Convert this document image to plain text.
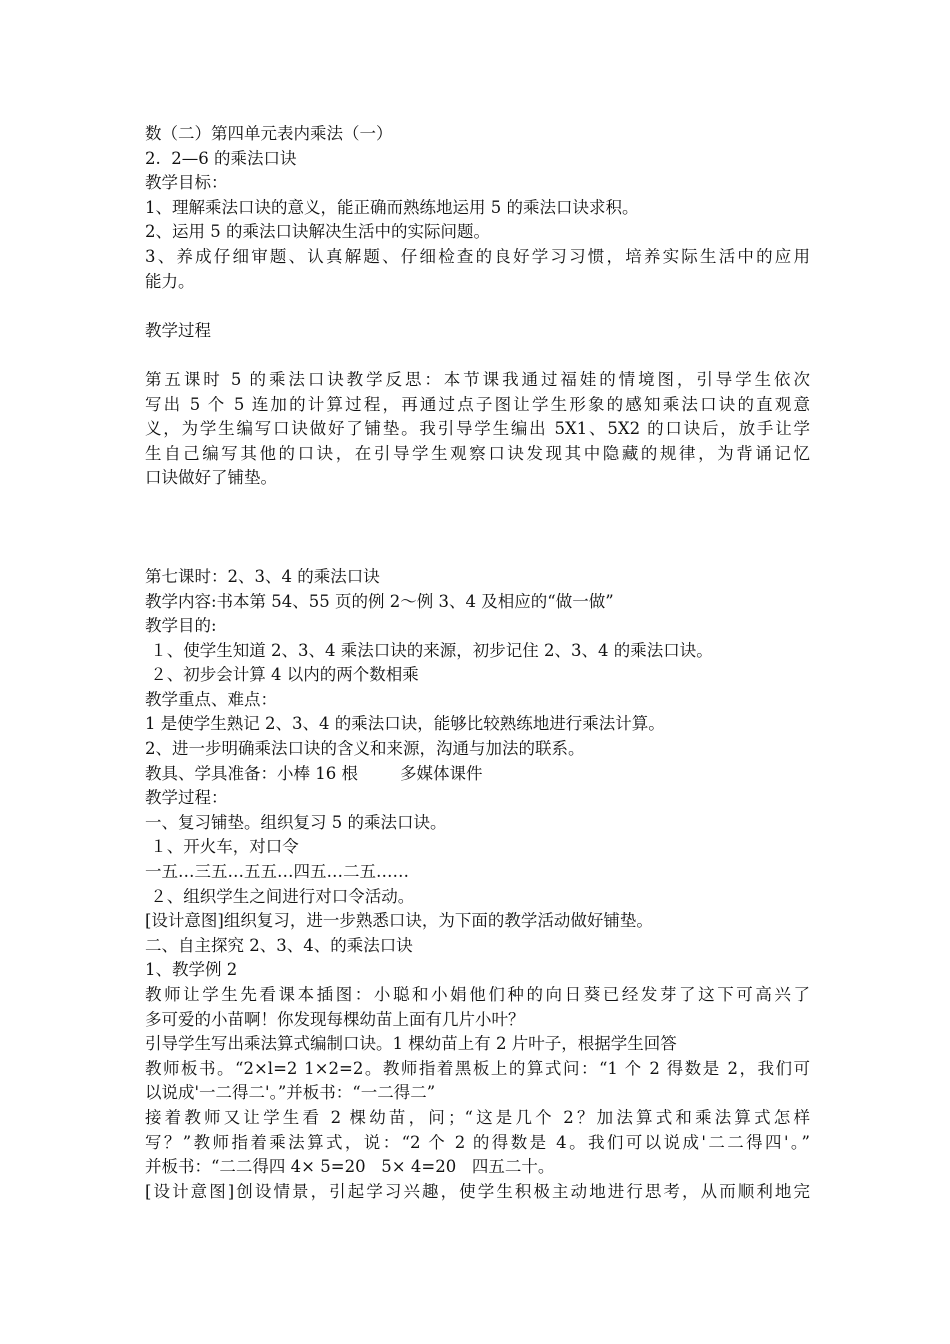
数（二）第四单元表内乘法（一）
2.  2—6 的乘法口诀
教学目标：
1、理解乘法口诀的意义，能正确而熟练地运用 5 的乘法口诀求积。
2、运用 5 的乘法口诀解决生活中的实际问题。
3、养成仔细审题、认真解题、仔细检查的良好学习习惯，培养实际生活中的应用
能力。
教学过程
第五课时 5 的乘法口诀教学反思：本节课我通过福娃的情境图，引导学生依次
写出 5 个 5 连加的计算过程，再通过点子图让学生形象的感知乘法口诀的直观意
义，为学生编写口诀做好了铺垫。我引导学生编出 5X1、5X2 的口诀后，放手让学
生自己编写其他的口诀，在引导学生观察口诀发现其中隐藏的规律，为背诵记忆
口诀做好了铺垫。
第七课时：2、3、4 的乘法口诀
教学内容:书本第 54、55 页的例 2～例 3、4 及相应的“做一做”
教学目的:
１、使学生知道 2、3、4 乘法口诀的来源，初步记住 2、3、4 的乘法口诀。
２、初步会计算 4 以内的两个数相乘
教学重点、难点：
1 是使学生熟记 2、3、4 的乘法口诀，能够比较熟练地进行乘法计算。
2、进一步明确乘法口诀的含义和来源，沟通与加法的联系。
教具、学具准备：小棒 16 根        多媒体课件
教学过程：
一、复习铺垫。组织复习 5 的乘法口诀。
１、开火车，对口令
一五…三五…五五…四五…二五……
２、组织学生之间进行对口令活动。
[设计意图]组织复习，进一步熟悉口诀，为下面的教学活动做好铺垫。
二、自主探究 2、3、4、的乘法口诀
1、教学例 2
教师让学生先看课本插图：小聪和小娟他们种的向日葵已经发芽了这下可高兴了
多可爱的小苗啊！你发现每棵幼苗上面有几片小叶？
引导学生写出乘法算式编制口诀。1 棵幼苗上有 2 片叶子，根据学生回答
教师板书。“2×l=2 1×2=2。教师指着黑板上的算式问：“1 个 2 得数是 2，我们可
以说成'一二得二'。”并板书：“一二得二”
接着教师又让学生看 2 棵幼苗，问；“这是几个 2？加法算式和乘法算式怎样
写？”教师指着乘法算式，说：“2 个 2 的得数是 4。我们可以说成'二二得四'。”
并板书：“二二得四 4× 5=20   5× 4=20   四五二十。
[设计意图]创设情景，引起学习兴趣，使学生积极主动地进行思考，从而顺利地完
